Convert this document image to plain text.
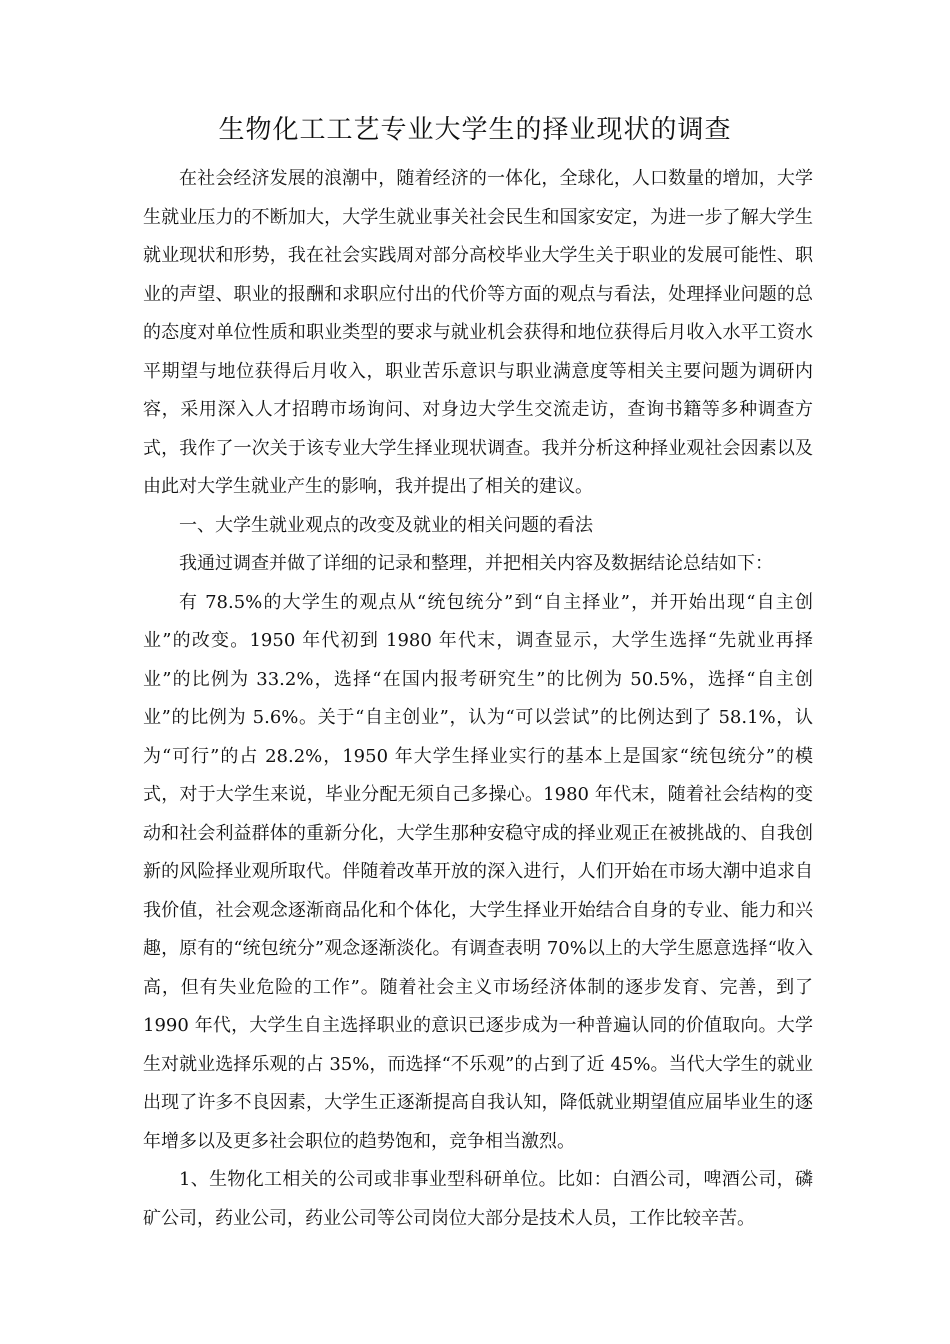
生物化工工艺专业大学生的择业现状的调查

在社会经济发展的浪潮中，随着经济的一体化，全球化，人口数量的增加，大学生就业压力的不断加大，大学生就业事关社会民生和国家安定，为进一步了解大学生就业现状和形势，我在社会实践周对部分高校毕业大学生关于职业的发展可能性、职业的声望、职业的报酬和求职应付出的代价等方面的观点与看法，处理择业问题的总的态度对单位性质和职业类型的要求与就业机会获得和地位获得后月收入水平工资水平期望与地位获得后月收入，职业苦乐意识与职业满意度等相关主要问题为调研内容，采用深入人才招聘市场询问、对身边大学生交流走访，查询书籍等多种调查方式，我作了一次关于该专业大学生择业现状调查。我并分析这种择业观社会因素以及由此对大学生就业产生的影响，我并提出了相关的建议。

一、大学生就业观点的改变及就业的相关问题的看法

我通过调查并做了详细的记录和整理，并把相关内容及数据结论总结如下：

有 78.5%的大学生的观点从“统包统分”到“自主择业”，并开始出现“自主创业”的改变。1950 年代初到 1980 年代末，调查显示，大学生选择“先就业再择业”的比例为 33.2%，选择“在国内报考研究生”的比例为 50.5%，选择“自主创业”的比例为 5.6%。关于“自主创业”，认为“可以尝试”的比例达到了 58.1%，认为“可行”的占 28.2%，1950 年大学生择业实行的基本上是国家“统包统分”的模式，对于大学生来说，毕业分配无须自己多操心。1980 年代末，随着社会结构的变动和社会利益群体的重新分化，大学生那种安稳守成的择业观正在被挑战的、自我创新的风险择业观所取代。伴随着改革开放的深入进行，人们开始在市场大潮中追求自我价值，社会观念逐渐商品化和个体化，大学生择业开始结合自身的专业、能力和兴趣，原有的“统包统分”观念逐渐淡化。有调查表明 70%以上的大学生愿意选择“收入高，但有失业危险的工作”。随着社会主义市场经济体制的逐步发育、完善，到了 1990 年代，大学生自主选择职业的意识已逐步成为一种普遍认同的价值取向。大学生对就业选择乐观的占 35%，而选择“不乐观”的占到了近 45%。当代大学生的就业出现了许多不良因素，大学生正逐渐提高自我认知，降低就业期望值应届毕业生的逐年增多以及更多社会职位的趋势饱和，竞争相当激烈。

1、生物化工相关的公司或非事业型科研单位。比如：白酒公司，啤酒公司，磷矿公司，药业公司，药业公司等公司岗位大部分是技术人员，工作比较辛苦。
